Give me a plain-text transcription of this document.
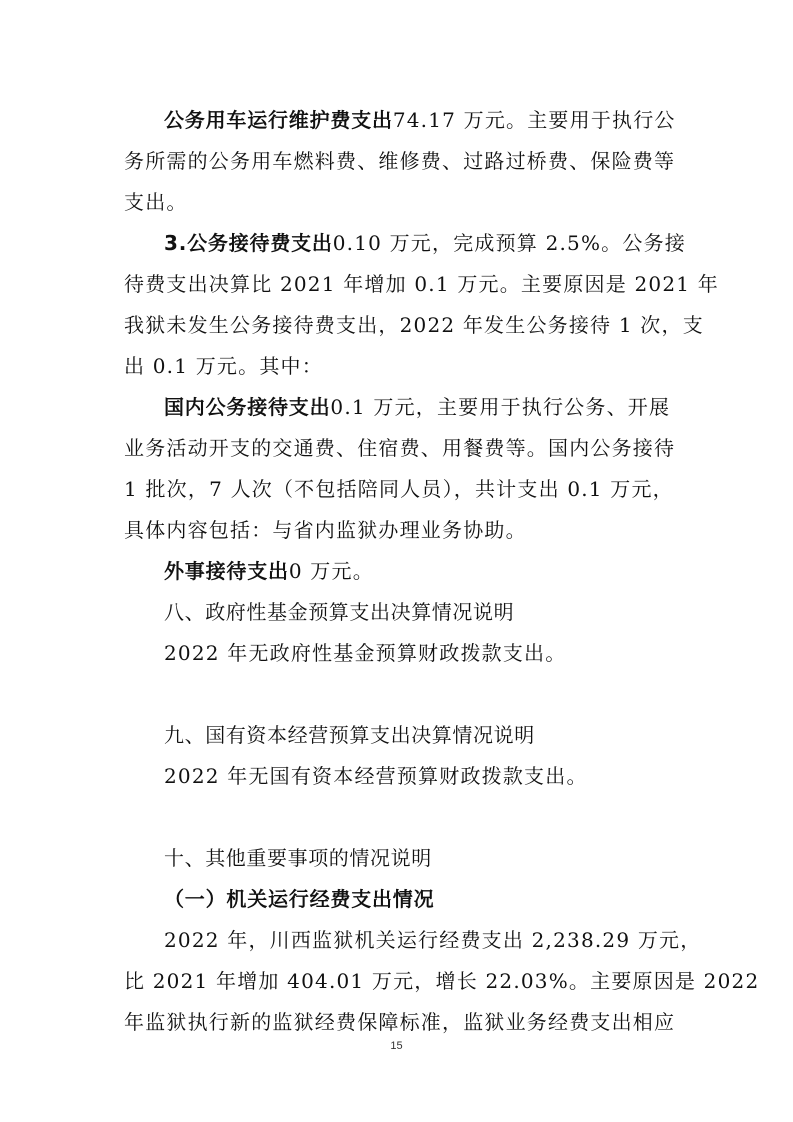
公务用车运行维护费支出74.17 万元。主要用于执行公
务所需的公务用车燃料费、维修费、过路过桥费、保险费等
支出。
3.公务接待费支出0.10 万元，完成预算 2.5%。公务接
待费支出决算比 2021 年增加 0.1 万元。主要原因是 2021 年
我狱未发生公务接待费支出，2022 年发生公务接待 1 次，支
出 0.1 万元。其中：
国内公务接待支出0.1 万元，主要用于执行公务、开展
业务活动开支的交通费、住宿费、用餐费等。国内公务接待
1 批次，7 人次（不包括陪同人员），共计支出 0.1 万元，
具体内容包括：与省内监狱办理业务协助。
外事接待支出0 万元。
八、政府性基金预算支出决算情况说明
2022 年无政府性基金预算财政拨款支出。
九、国有资本经营预算支出决算情况说明
2022 年无国有资本经营预算财政拨款支出。
十、其他重要事项的情况说明
（一）机关运行经费支出情况
2022 年，川西监狱机关运行经费支出 2,238.29 万元，
比 2021 年增加 404.01 万元，增长 22.03%。主要原因是 2022
年监狱执行新的监狱经费保障标准，监狱业务经费支出相应
15
